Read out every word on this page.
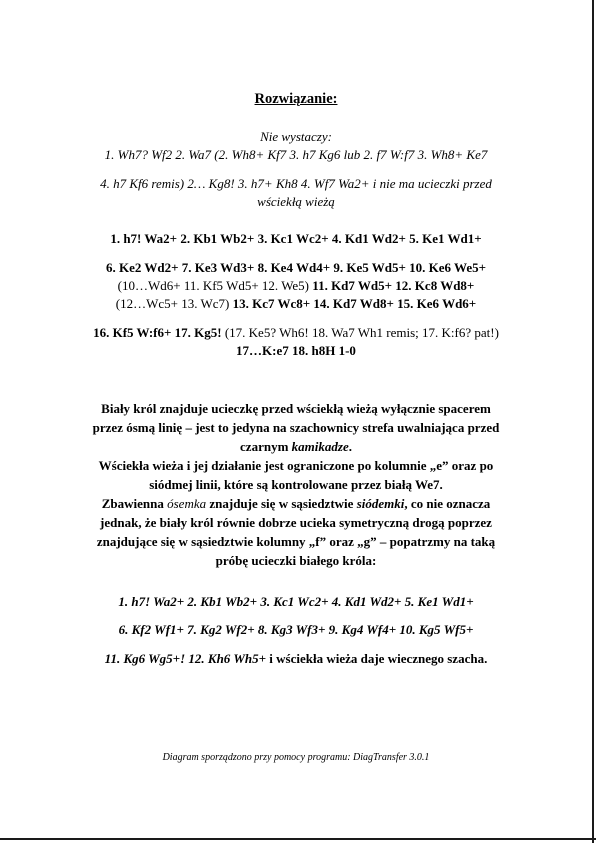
Rozwiązanie:
Nie wystaczy:
1. Wh7? Wf2 2. Wa7 (2. Wh8+ Kf7 3. h7 Kg6 lub 2. f7 W:f7 3. Wh8+ Ke7
4. h7 Kf6 remis) 2… Kg8! 3. h7+ Kh8 4. Wf7 Wa2+ i nie ma ucieczki przed
wściekłą wieżą
1. h7! Wa2+ 2. Kb1 Wb2+ 3. Kc1 Wc2+ 4. Kd1 Wd2+ 5. Ke1 Wd1+
6. Ke2 Wd2+ 7. Ke3 Wd3+ 8. Ke4 Wd4+ 9. Ke5 Wd5+ 10. Ke6 We5+
(10…Wd6+ 11. Kf5 Wd5+ 12. We5) 11. Kd7 Wd5+ 12. Kc8 Wd8+
(12…Wc5+ 13. Wc7) 13. Kc7 Wc8+ 14. Kd7 Wd8+ 15. Ke6 Wd6+
16. Kf5 W:f6+ 17. Kg5! (17. Ke5? Wh6! 18. Wa7 Wh1 remis; 17. K:f6? pat!)
17…K:e7 18. h8H 1-0
Biały król znajduje ucieczkę przed wściekłą wieżą wyłącznie spacerem
przez ósmą linię – jest to jedyna na szachownicy strefa uwalniająca przed
czarnym kamikadze.
Wściekła wieża i jej działanie jest ograniczone po kolumnie „e” oraz po
siódmej linii, które są kontrolowane przez białą We7.
Zbawienna ósemka znajduje się w sąsiedztwie siódemki, co nie oznacza
jednak, że biały król równie dobrze ucieka symetryczną drogą poprzez
znajdujące się w sąsiedztwie kolumny „f” oraz „g” – popatrzmy na taką
próbę ucieczki białego króla:
1. h7! Wa2+ 2. Kb1 Wb2+ 3. Kc1 Wc2+ 4. Kd1 Wd2+ 5. Ke1 Wd1+
6. Kf2 Wf1+ 7. Kg2 Wf2+ 8. Kg3 Wf3+ 9. Kg4 Wf4+ 10. Kg5 Wf5+
11. Kg6 Wg5+! 12. Kh6 Wh5+ i wściekła wieża daje wiecznego szacha.
Diagram sporządzono przy pomocy programu: DiagTransfer 3.0.1
